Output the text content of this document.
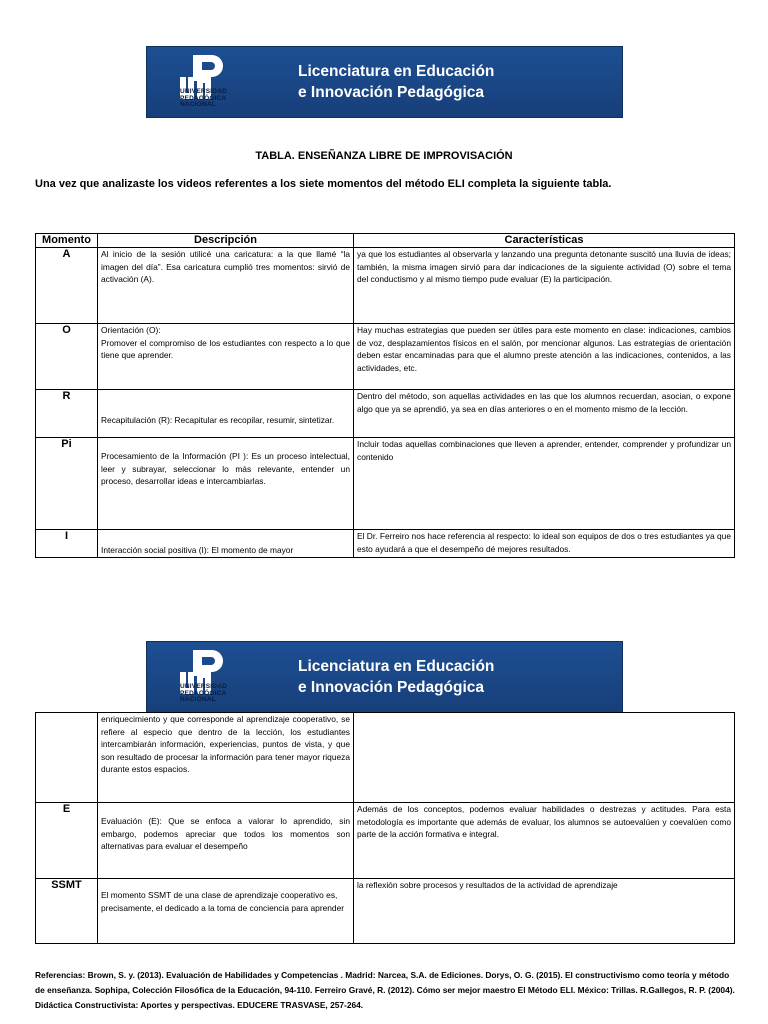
UNIVERSIDAD
PEDAGÓGICA
NACIONAL
Licenciatura en Educación
e Innovación Pedagógica
TABLA. ENSEÑANZA LIBRE DE IMPROVISACIÓN
Una vez que analizaste los videos referentes a los siete momentos del método ELI completa la siguiente tabla.
Momento	Descripción	Características
A	Al inicio de la sesión utilicé una caricatura: a la que llamé “la imagen del día”. Esa caricatura cumplió tres momentos: sirvió de activación (A).	ya que los estudiantes al observarla y lanzando una pregunta detonante suscitó una lluvia de ideas; también, la misma imagen sirvió para dar indicaciones de la siguiente actividad (O) sobre el tema del conductismo y al mismo tiempo pude evaluar (E) la participación.
O	Orientación (O):
Promover el compromiso de los estudiantes con respecto a lo que tiene que aprender.	Hay muchas estrategias que pueden ser útiles para este momento en clase: indicaciones, cambios de voz, desplazamientos físicos en el salón, por mencionar algunos. Las estrategias de orientación deben estar encaminadas para que el alumno preste atención a las indicaciones, contenidos, a las actividades, etc.
R	Recapitulación (R): Recapitular es recopilar, resumir, sintetizar.	Dentro del método, son aquellas actividades en las que los alumnos recuerdan, asocian, o expone algo que ya se aprendió, ya sea en días anteriores o en el momento mismo de la lección.
Pi	Procesamiento de la Información (PI ): Es un proceso intelectual, leer y subrayar, seleccionar lo más relevante, entender un proceso, desarrollar ideas e intercambiarlas.	Incluir todas aquellas combinaciones que lleven a aprender, entender, comprender y profundizar un contenido
I	Interacción social positiva (I): El momento de mayor	El Dr. Ferreiro nos hace referencia al respecto: lo ideal son equipos de dos o tres estudiantes ya que esto ayudará a que el desempeño dé mejores resultados.
UNIVERSIDAD
PEDAGÓGICA
NACIONAL
Licenciatura en Educación
e Innovación Pedagógica
	enriquecimiento y que corresponde al aprendizaje cooperativo, se refiere al especio que dentro de la lección, los estudiantes intercambiarán información, experiencias, puntos de vista, y que son resultado de procesar la información para tener mayor riqueza durante estos espacios.	
E	Evaluación (E): Que se enfoca a valorar lo aprendido, sin embargo, podemos apreciar que todos los momentos son alternativas para evaluar el desempeño	Además de los conceptos, podemos evaluar habilidades o destrezas y actitudes. Para esta metodología es importante que además de evaluar, los alumnos se autoevalúen y coevalúen como parte de la acción formativa e integral.
SSMT	El momento SSMT de una clase de aprendizaje cooperativo es, precisamente, el dedicado a la toma de conciencia para aprender	la reflexión sobre procesos y resultados de la actividad de aprendizaje
Referencias: Brown, S. y. (2013). Evaluación de Habilidades y Competencias . Madrid: Narcea, S.A. de Ediciones. Dorys, O. G. (2015). El constructivismo como teoría y método de enseñanza. Sophipa, Colección Filosófica de la Educación, 94-110. Ferreiro Gravé, R. (2012). Cómo ser mejor maestro El Método ELI. México: Trillas. R.Gallegos, R. P. (2004). Didáctica Constructivista: Aportes y perspectivas. EDUCERE TRASVASE, 257-264.
